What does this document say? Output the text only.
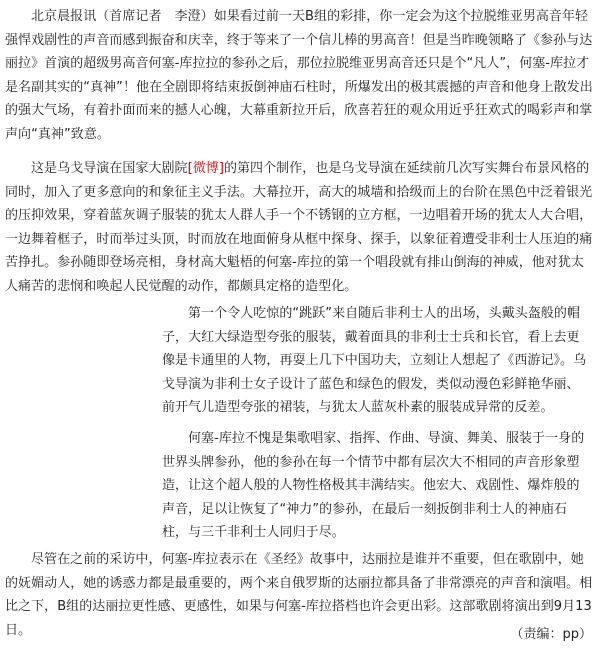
北京晨报讯（首席记者　李澄）如果看过前一天B组的彩排，你一定会为这个拉脱维亚男高音年轻强悍戏剧性的声音而感到振奋和庆幸，终于等来了一个信儿棒的男高音！但是当昨晚领略了《参孙与达丽拉》首演的超级男高音何塞-库拉拉的参孙之后，那位拉脱维亚男高音还只是个“凡人”，何塞-库拉才是名副其实的“真神”！他在全剧即将结束扳倒神庙石柱时，所爆发出的极其震撼的声音和他身上散发出的强大气场，有着扑面而来的撼人心魄，大幕重新拉开后，欣喜若狂的观众用近乎狂欢式的喝彩声和掌声向“真神”致意。

这是乌戈导演在国家大剧院[微博]的第四个制作，也是乌戈导演在延续前几次写实舞台布景风格的同时，加入了更多意向的和象征主义手法。大幕拉开，高大的城墙和拾级而上的台阶在黑色中泛着银光的压抑效果，穿着蓝灰调子服装的犹太人群人手一个不锈钢的立方框，一边唱着开场的犹太人大合唱，一边舞着框子，时而举过头顶，时而放在地面俯身从框中探身、探手，以象征着遭受非利士人压迫的痛苦挣扎。参孙随即登场亮相，身材高大魁梧的何塞-库拉的第一个唱段就有排山倒海的神威，他对犹太人痛苦的悲悯和唤起人民觉醒的动作，都颇具定格的造型化。

第一个令人吃惊的“跳跃”来自随后非利士人的出场，头戴头盔般的帽子，大红大绿造型夸张的服装，戴着面具的非利士士兵和长官，看上去更像是卡通里的人物，再耍上几下中国功夫，立刻让人想起了《西游记》。乌戈导演为非利士女子设计了蓝色和绿色的假发，类似动漫色彩鲜艳华丽、前开气儿造型夸张的裙装，与犹太人蓝灰朴素的服装成异常的反差。

何塞-库拉不愧是集歌唱家、指挥、作曲、导演、舞美、服装于一身的世界头牌参孙，他的参孙在每一个情节中都有层次大不相同的声音形象塑造，让这个超人般的人物性格极其丰满结实。他宏大、戏剧性、爆炸般的声音，足以让恢复了“神力”的参孙，在最后一刻扳倒非利士人的神庙石柱，与三千非利士人同归于尽。

尽管在之前的采访中，何塞-库拉表示在《圣经》故事中，达丽拉是谁并不重要，但在歌剧中，她的妩媚动人，她的诱惑力都是最重要的，两个来自俄罗斯的达丽拉都具备了非常漂亮的声音和演唱。相比之下，B组的达丽拉更性感、更感性，如果与何塞-库拉搭档也许会更出彩。这部歌剧将演出到9月13日。	（责编：pp）
